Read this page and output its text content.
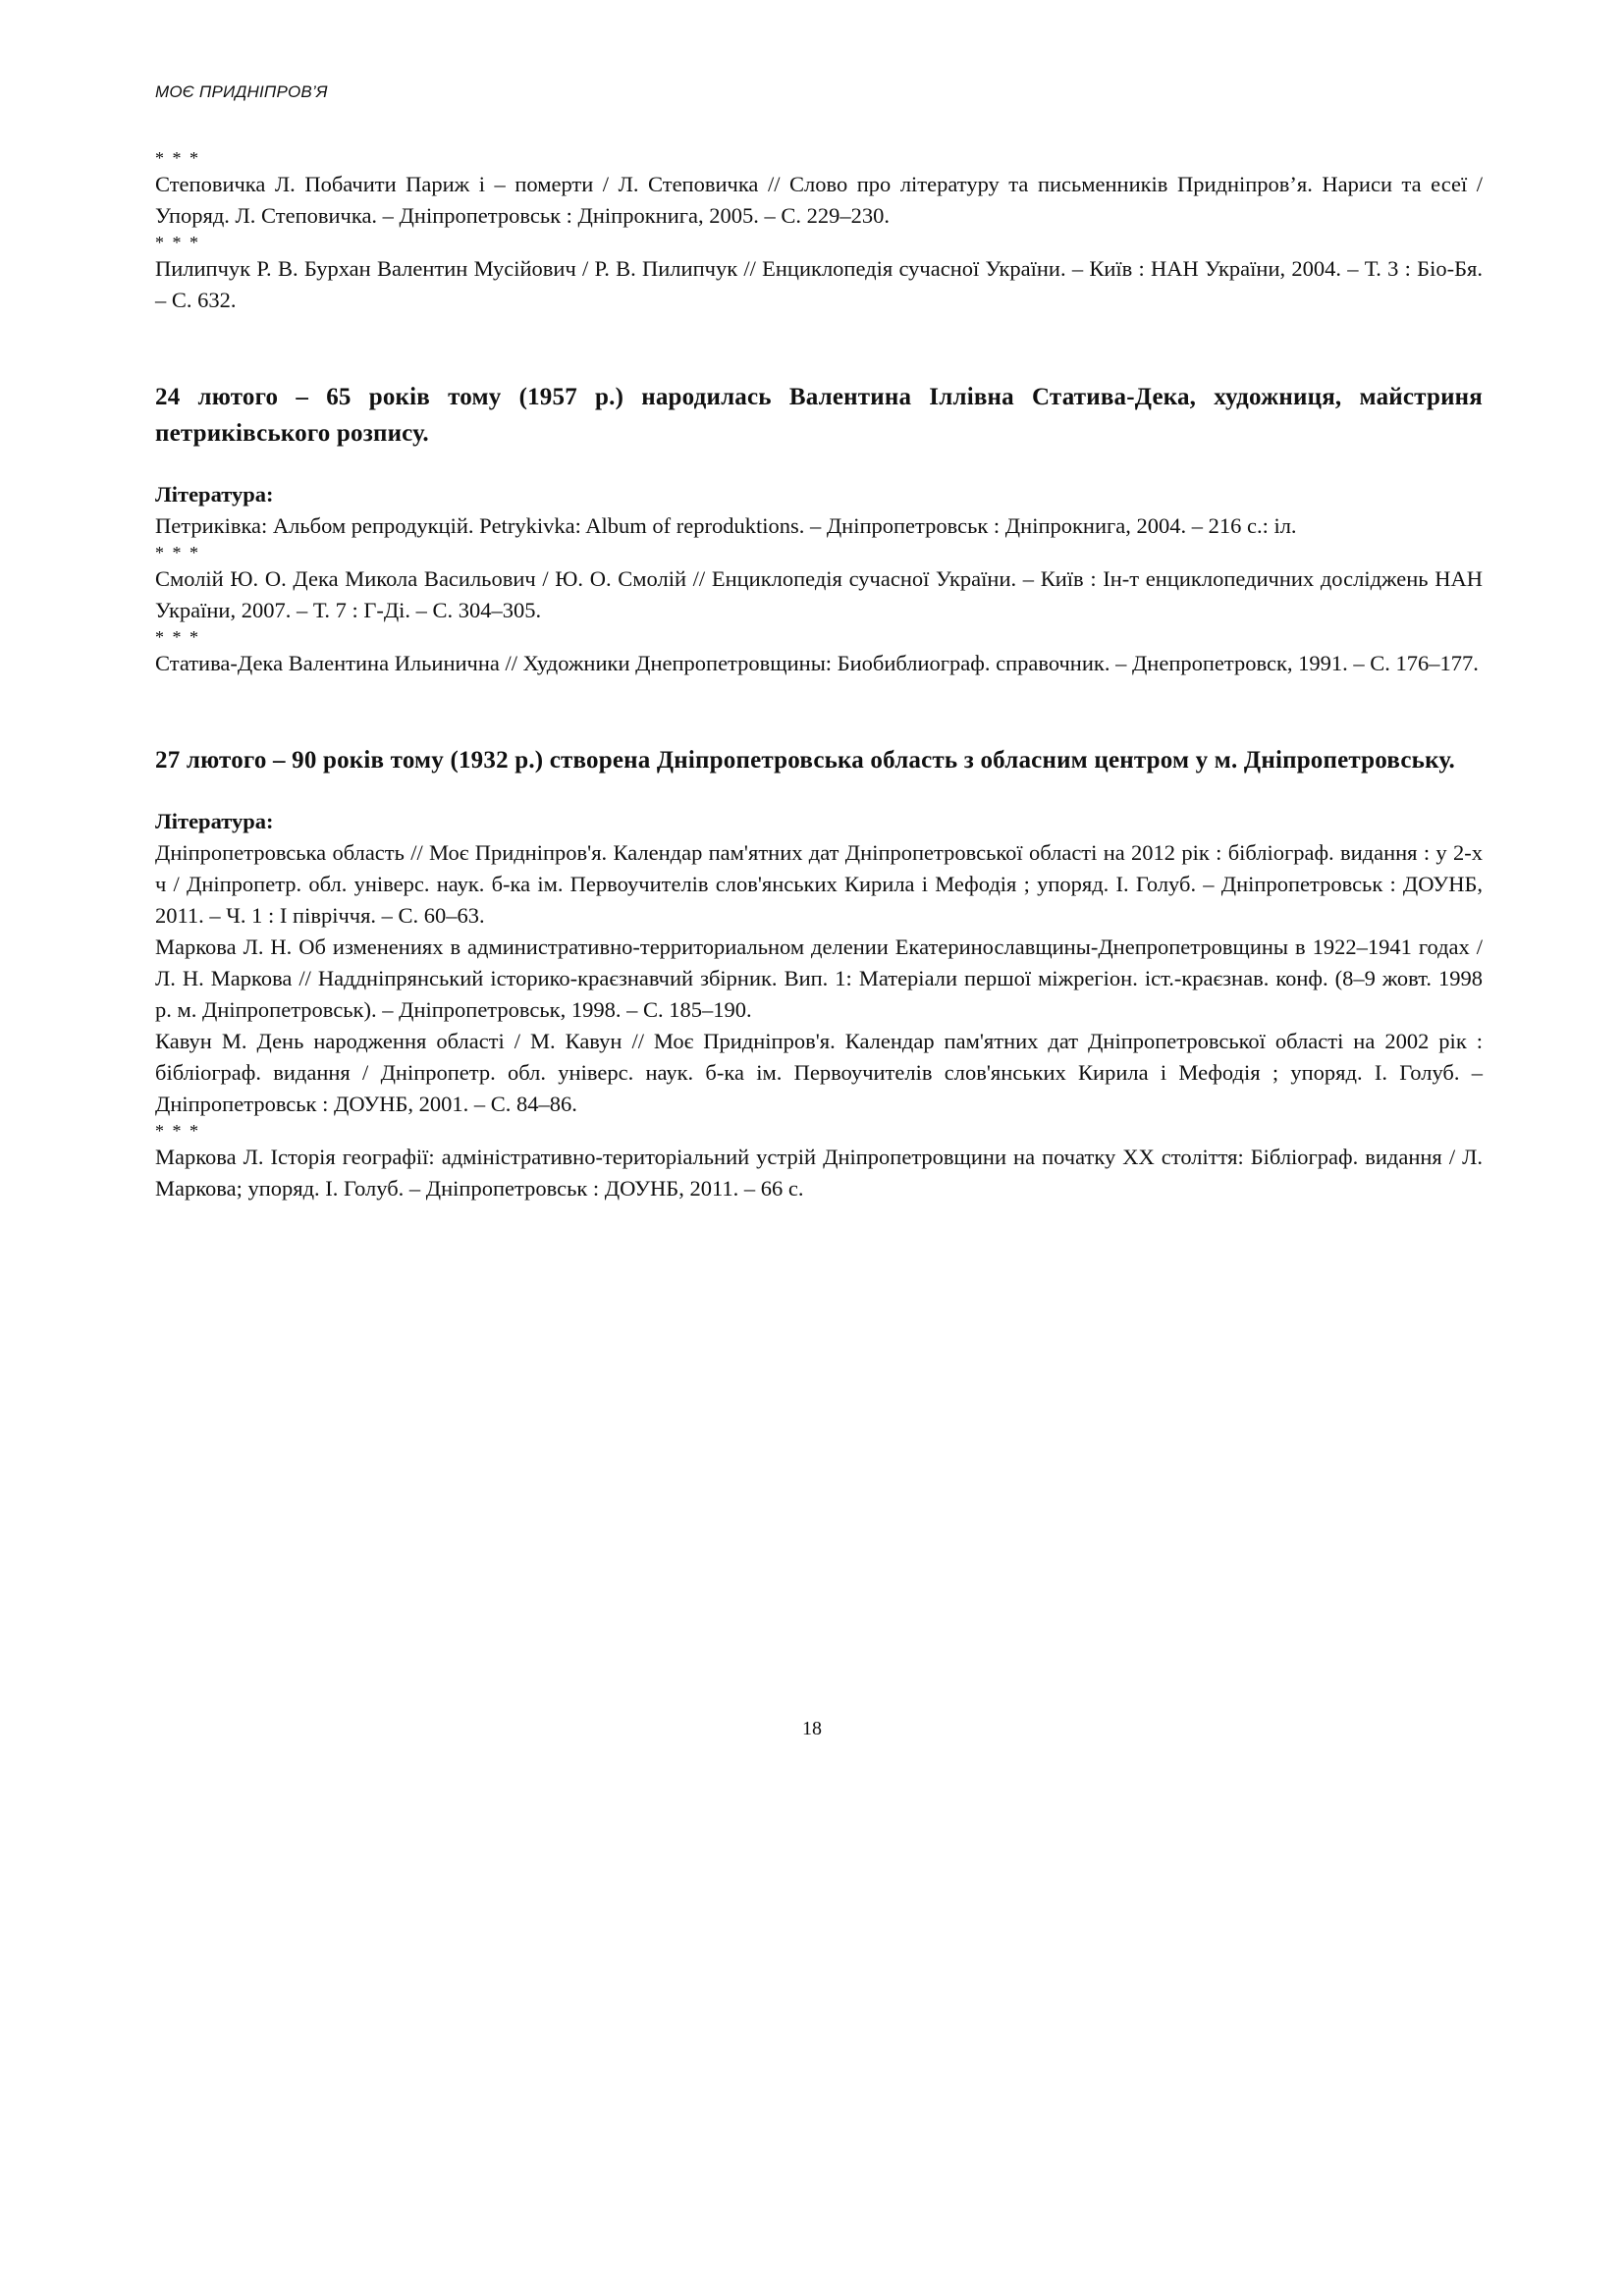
МОЄ ПРИДНІПРОВ’Я

* * *

Степовичка Л. Побачити Париж і – померти / Л. Степовичка // Слово про літературу та письменників Придніпров’я. Нариси та есеї / Упоряд. Л. Степовичка. – Дніпропетровськ : Дніпрокнига, 2005. – С. 229–230.

* * *

Пилипчук Р. В. Бурхан Валентин Мусійович / Р. В. Пилипчук // Енциклопедія сучасної України. – Київ : НАН України, 2004. – Т. 3 : Біо-Бя. – С. 632.

24 лютого – 65 років тому (1957 р.) народилась Валентина Іллівна Статива-Дека, художниця, майстриня петриківського розпису.

Література:

Петриківка: Альбом репродукцій. Petrykivka: Album of reproduktions. – Дніпропетровськ : Дніпрокнига, 2004. – 216 с.: іл.

* * *

Смолій Ю. О. Дека Микола Васильович / Ю. О. Смолій // Енциклопедія сучасної України. – Київ : Ін-т енциклопедичних досліджень НАН України, 2007. – Т. 7 : Г-Ді. – С. 304–305.

* * *

Статива-Дека Валентина Ильинична // Художники Днепропетровщины: Биобиблиограф. справочник. – Днепропетровск, 1991. – С. 176–177.

27 лютого – 90 років тому (1932 р.) створена Дніпропетровська область з обласним центром у м. Дніпропетровську.

Література:

Дніпропетровська область // Моє Придніпров'я. Календар пам'ятних дат Дніпропетровської області на 2012 рік : бібліограф. видання : у 2-х ч / Дніпропетр. обл. універс. наук. б-ка ім. Первоучителів слов'янських Кирила і Мефодія ; упоряд. І. Голуб. – Дніпропетровськ : ДОУНБ, 2011. – Ч. 1 : І півріччя. – С. 60–63.

Маркова Л. Н. Об изменениях в административно-территориальном делении Екатеринославщины-Днепропетровщины в 1922–1941 годах / Л. Н. Маркова // Наддніпрянський історико-краєзнавчий збірник. Вип. 1: Матеріали першої міжрегіон. іст.-краєзнав. конф. (8–9 жовт. 1998 р. м. Дніпропетровськ). – Дніпропетровськ, 1998. – С. 185–190.

Кавун М. День народження області / М. Кавун // Моє Придніпров'я. Календар пам'ятних дат Дніпропетровської області на 2002 рік : бібліограф. видання / Дніпропетр. обл. універс. наук. б-ка ім. Первоучителів слов'янських Кирила і Мефодія ; упоряд. І. Голуб. – Дніпропетровськ : ДОУНБ, 2001. – С. 84–86.

* * *

Маркова Л. Історія географії: адміністративно-територіальний устрій Дніпропетровщини на початку XX століття: Бібліограф. видання / Л. Маркова; упоряд. І. Голуб. – Дніпропетровськ : ДОУНБ, 2011. – 66 с.

18
